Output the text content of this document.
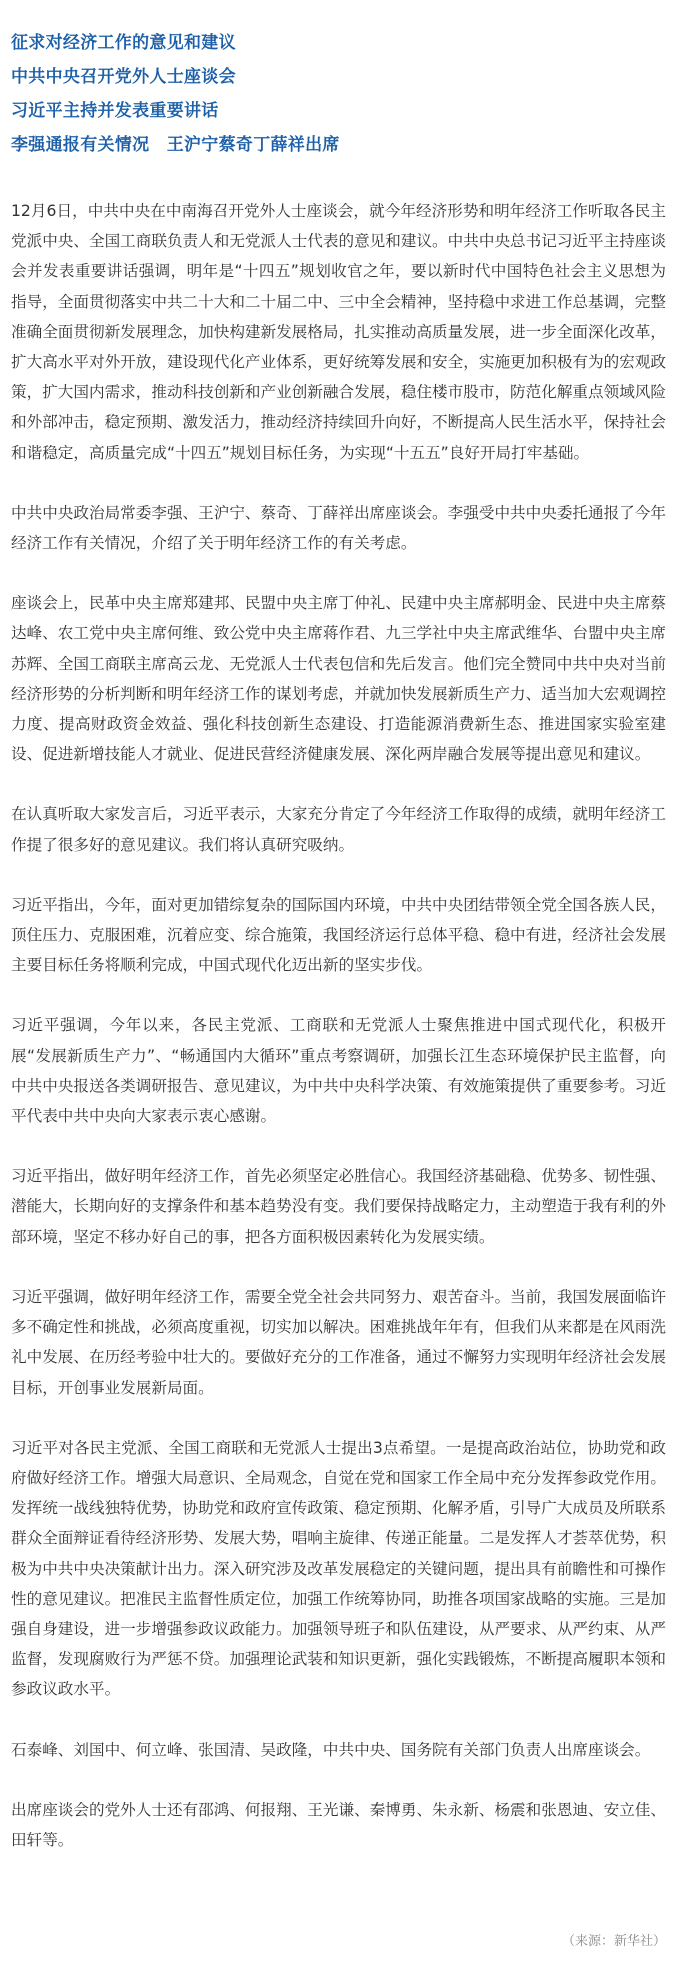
征求对经济工作的意见和建议
中共中央召开党外人士座谈会
习近平主持并发表重要讲话
李强通报有关情况　王沪宁蔡奇丁薛祥出席

12月6日，中共中央在中南海召开党外人士座谈会，就今年经济形势和明年经济工作听取各民主党派中央、全国工商联负责人和无党派人士代表的意见和建议。中共中央总书记习近平主持座谈会并发表重要讲话强调，明年是“十四五”规划收官之年，要以新时代中国特色社会主义思想为指导，全面贯彻落实中共二十大和二十届二中、三中全会精神，坚持稳中求进工作总基调，完整准确全面贯彻新发展理念，加快构建新发展格局，扎实推动高质量发展，进一步全面深化改革，扩大高水平对外开放，建设现代化产业体系，更好统筹发展和安全，实施更加积极有为的宏观政策，扩大国内需求，推动科技创新和产业创新融合发展，稳住楼市股市，防范化解重点领域风险和外部冲击，稳定预期、激发活力，推动经济持续回升向好，不断提高人民生活水平，保持社会和谐稳定，高质量完成“十四五”规划目标任务，为实现“十五五”良好开局打牢基础。

中共中央政治局常委李强、王沪宁、蔡奇、丁薛祥出席座谈会。李强受中共中央委托通报了今年经济工作有关情况，介绍了关于明年经济工作的有关考虑。

座谈会上，民革中央主席郑建邦、民盟中央主席丁仲礼、民建中央主席郝明金、民进中央主席蔡达峰、农工党中央主席何维、致公党中央主席蒋作君、九三学社中央主席武维华、台盟中央主席苏辉、全国工商联主席高云龙、无党派人士代表包信和先后发言。他们完全赞同中共中央对当前经济形势的分析判断和明年经济工作的谋划考虑，并就加快发展新质生产力、适当加大宏观调控力度、提高财政资金效益、强化科技创新生态建设、打造能源消费新生态、推进国家实验室建设、促进新增技能人才就业、促进民营经济健康发展、深化两岸融合发展等提出意见和建议。

在认真听取大家发言后，习近平表示，大家充分肯定了今年经济工作取得的成绩，就明年经济工作提了很多好的意见建议。我们将认真研究吸纳。

习近平指出，今年，面对更加错综复杂的国际国内环境，中共中央团结带领全党全国各族人民，顶住压力、克服困难，沉着应变、综合施策，我国经济运行总体平稳、稳中有进，经济社会发展主要目标任务将顺利完成，中国式现代化迈出新的坚实步伐。

习近平强调，今年以来，各民主党派、工商联和无党派人士聚焦推进中国式现代化，积极开展“发展新质生产力”、“畅通国内大循环”重点考察调研，加强长江生态环境保护民主监督，向中共中央报送各类调研报告、意见建议，为中共中央科学决策、有效施策提供了重要参考。习近平代表中共中央向大家表示衷心感谢。

习近平指出，做好明年经济工作，首先必须坚定必胜信心。我国经济基础稳、优势多、韧性强、潜能大，长期向好的支撑条件和基本趋势没有变。我们要保持战略定力，主动塑造于我有利的外部环境，坚定不移办好自己的事，把各方面积极因素转化为发展实绩。

习近平强调，做好明年经济工作，需要全党全社会共同努力、艰苦奋斗。当前，我国发展面临许多不确定性和挑战，必须高度重视，切实加以解决。困难挑战年年有，但我们从来都是在风雨洗礼中发展、在历经考验中壮大的。要做好充分的工作准备，通过不懈努力实现明年经济社会发展目标，开创事业发展新局面。

习近平对各民主党派、全国工商联和无党派人士提出3点希望。一是提高政治站位，协助党和政府做好经济工作。增强大局意识、全局观念，自觉在党和国家工作全局中充分发挥参政党作用。发挥统一战线独特优势，协助党和政府宣传政策、稳定预期、化解矛盾，引导广大成员及所联系群众全面辩证看待经济形势、发展大势，唱响主旋律、传递正能量。二是发挥人才荟萃优势，积极为中共中央决策献计出力。深入研究涉及改革发展稳定的关键问题，提出具有前瞻性和可操作性的意见建议。把准民主监督性质定位，加强工作统筹协同，助推各项国家战略的实施。三是加强自身建设，进一步增强参政议政能力。加强领导班子和队伍建设，从严要求、从严约束、从严监督，发现腐败行为严惩不贷。加强理论武装和知识更新，强化实践锻炼，不断提高履职本领和参政议政水平。

石泰峰、刘国中、何立峰、张国清、吴政隆，中共中央、国务院有关部门负责人出席座谈会。

出席座谈会的党外人士还有邵鸿、何报翔、王光谦、秦博勇、朱永新、杨震和张恩迪、安立佳、田轩等。

（来源：新华社）
